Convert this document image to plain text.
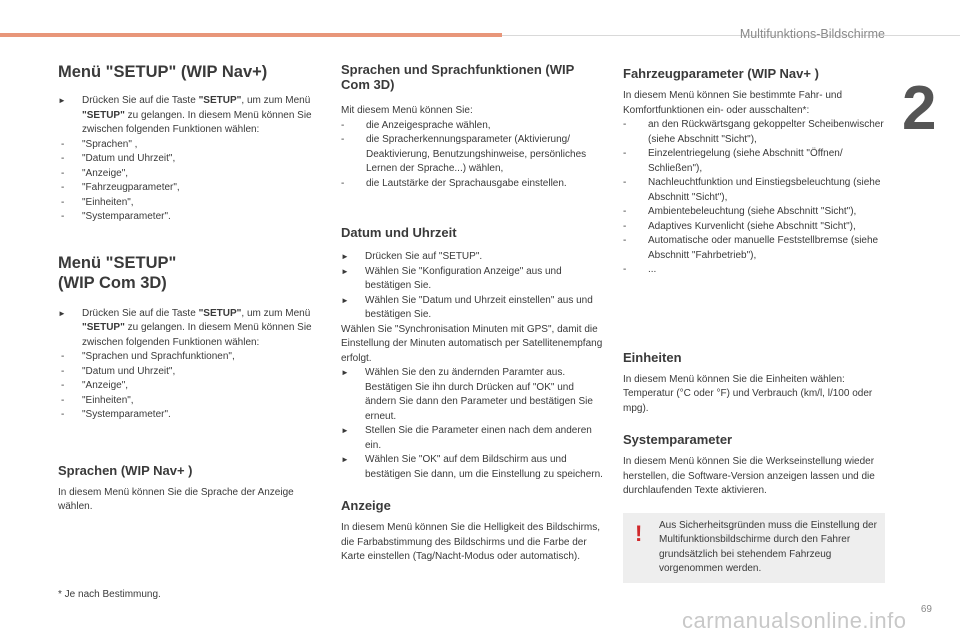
Multifunktions-Bildschirme
2
Menü "SETUP" (WIP Nav+)
► Drücken Sie auf die Taste "SETUP", um zum Menü "SETUP" zu gelangen. In diesem Menü können Sie zwischen folgenden Funktionen wählen:
- "Sprachen" ,
- "Datum und Uhrzeit",
- "Anzeige",
- "Fahrzeugparameter",
- "Einheiten",
- "Systemparameter".
Menü "SETUP"
(WIP Com 3D)
► Drücken Sie auf die Taste "SETUP", um zum Menü "SETUP" zu gelangen. In diesem Menü können Sie zwischen folgenden Funktionen wählen:
- "Sprachen und Sprachfunktionen",
- "Datum und Uhrzeit",
- "Anzeige",
- "Einheiten",
- "Systemparameter".
Sprachen (WIP Nav+ )

In diesem Menü können Sie die Sprache der Anzeige wählen.

* Je nach Bestimmung.
Sprachen und Sprachfunktionen (WIP Com 3D)

Mit diesem Menü können Sie:

- die Anzeigesprache wählen,
- die Spracherkennungsparameter (Aktivierung/ Deaktivierung, Benutzungshinweise, persönliches Lernen der Sprache...) wählen,
- die Lautstärke der Sprachausgabe einstellen.
Datum und Uhrzeit
► Drücken Sie auf "SETUP".
► Wählen Sie "Konfiguration Anzeige" aus und bestätigen Sie.
► Wählen Sie "Datum und Uhrzeit einstellen" aus und bestätigen Sie.

Wählen Sie "Synchronisation Minuten mit GPS", damit die Einstellung der Minuten automatisch per Satellitenempfang erfolgt.

► Wählen Sie den zu ändernden Paramter aus. Bestätigen Sie ihn durch Drücken auf "OK" und ändern Sie dann den Parameter und bestätigen Sie erneut.
► Stellen Sie die Parameter einen nach dem anderen ein.
► Wählen Sie "OK" auf dem Bildschirm aus und bestätigen Sie dann, um die Einstellung zu speichern.
Anzeige

In diesem Menü können Sie die Helligkeit des Bildschirms, die Farbabstimmung des Bildschirms und die Farbe der Karte einstellen (Tag/Nacht-Modus oder automatisch).

Fahrzeugparameter (WIP Nav+ )

In diesem Menü können Sie bestimmte Fahr- und Komfortfunktionen ein- oder ausschalten*:

- an den Rückwärtsgang gekoppelter Scheibenwischer (siehe Abschnitt "Sicht"),
- Einzelentriegelung (siehe Abschnitt "Öffnen/ Schließen"),
- Nachleuchtfunktion und Einstiegsbeleuchtung (siehe Abschnitt "Sicht"),
- Ambientebeleuchtung (siehe Abschnitt "Sicht"),
- Adaptives Kurvenlicht (siehe Abschnitt "Sicht"),
- Automatische oder manuelle Feststellbremse (siehe Abschnitt "Fahrbetrieb"),
- ...
Einheiten

In diesem Menü können Sie die Einheiten wählen: Temperatur (°C oder °F) und Verbrauch (km/l, l/100 oder mpg).

Systemparameter

In diesem Menü können Sie die Werkseinstellung wieder herstellen, die Software-Version anzeigen lassen und die durchlaufenden Texte aktivieren.

! Aus Sicherheitsgründen muss die Einstellung der Multifunktionsbildschirme durch den Fahrer grundsätzlich bei stehendem Fahrzeug vorgenommen werden.
69
carmanualsonline.info
